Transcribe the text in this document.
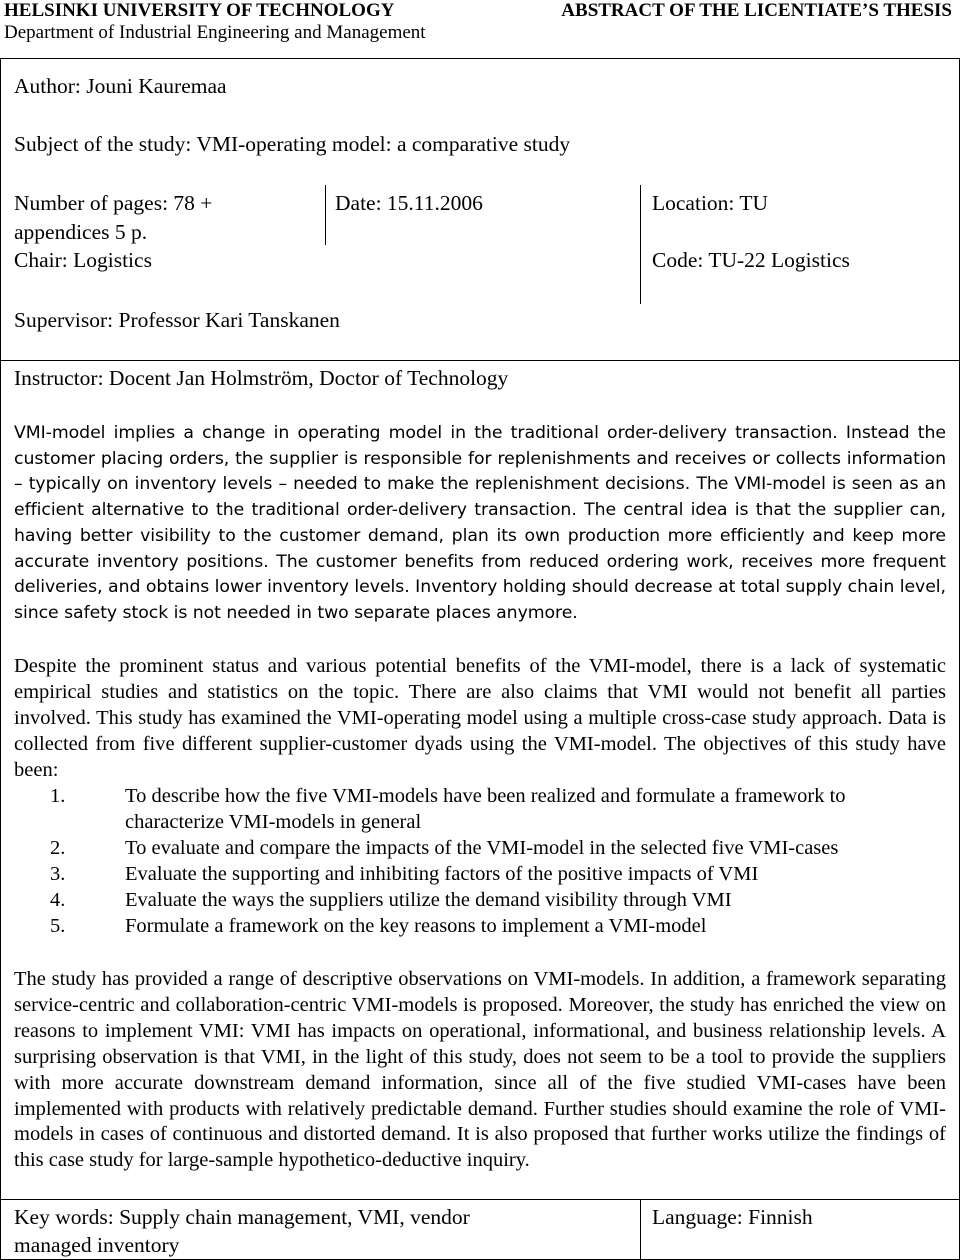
HELSINKI UNIVERSITY OF TECHNOLOGY
Department of Industrial Engineering and Management
ABSTRACT OF THE LICENTIATE’S THESIS
Author: Jouni Kauremaa
Subject of the study: VMI-operating model: a comparative study
Number of pages: 78 +
appendices 5 p.
Chair: Logistics
Date: 15.11.2006	Location: TU
Code: TU-22 Logistics
Supervisor: Professor Kari Tanskanen
Instructor: Docent Jan Holmström, Doctor of Technology
VMI-model implies a change in operating model in the traditional order-delivery transaction. Instead the customer placing orders, the supplier is responsible for replenishments and receives or collects information – typically on inventory levels – needed to make the replenishment decisions. The VMI-model is seen as an efficient alternative to the traditional order-delivery transaction. The central idea is that the supplier can, having better visibility to the customer demand, plan its own production more efficiently and keep more accurate inventory positions. The customer benefits from reduced ordering work, receives more frequent deliveries, and obtains lower inventory levels. Inventory holding should decrease at total supply chain level, since safety stock is not needed in two separate places anymore.
Despite the prominent status and various potential benefits of the VMI-model, there is a lack of systematic empirical studies and statistics on the topic. There are also claims that VMI would not benefit all parties involved. This study has examined the VMI-operating model using a multiple cross-case study approach. Data is collected from five different supplier-customer dyads using the VMI-model. The objectives of this study have been:
1.	To describe how the five VMI-models have been realized and formulate a framework to characterize VMI-models in general
2.	To evaluate and compare the impacts of the VMI-model in the selected five VMI-cases
3.	Evaluate the supporting and inhibiting factors of the positive impacts of VMI
4.	Evaluate the ways the suppliers utilize the demand visibility through VMI
5.	Formulate a framework on the key reasons to implement a VMI-model
The study has provided a range of descriptive observations on VMI-models. In addition, a framework separating service-centric and collaboration-centric VMI-models is proposed. Moreover, the study has enriched the view on reasons to implement VMI: VMI has impacts on operational, informational, and business relationship levels. A surprising observation is that VMI, in the light of this study, does not seem to be a tool to provide the suppliers with more accurate downstream demand information, since all of the five studied VMI-cases have been implemented with products with relatively predictable demand. Further studies should examine the role of VMI-models in cases of continuous and distorted demand. It is also proposed that further works utilize the findings of this case study for large-sample hypothetico-deductive inquiry.
Key words: Supply chain management, VMI, vendor
managed inventory
Language: Finnish
